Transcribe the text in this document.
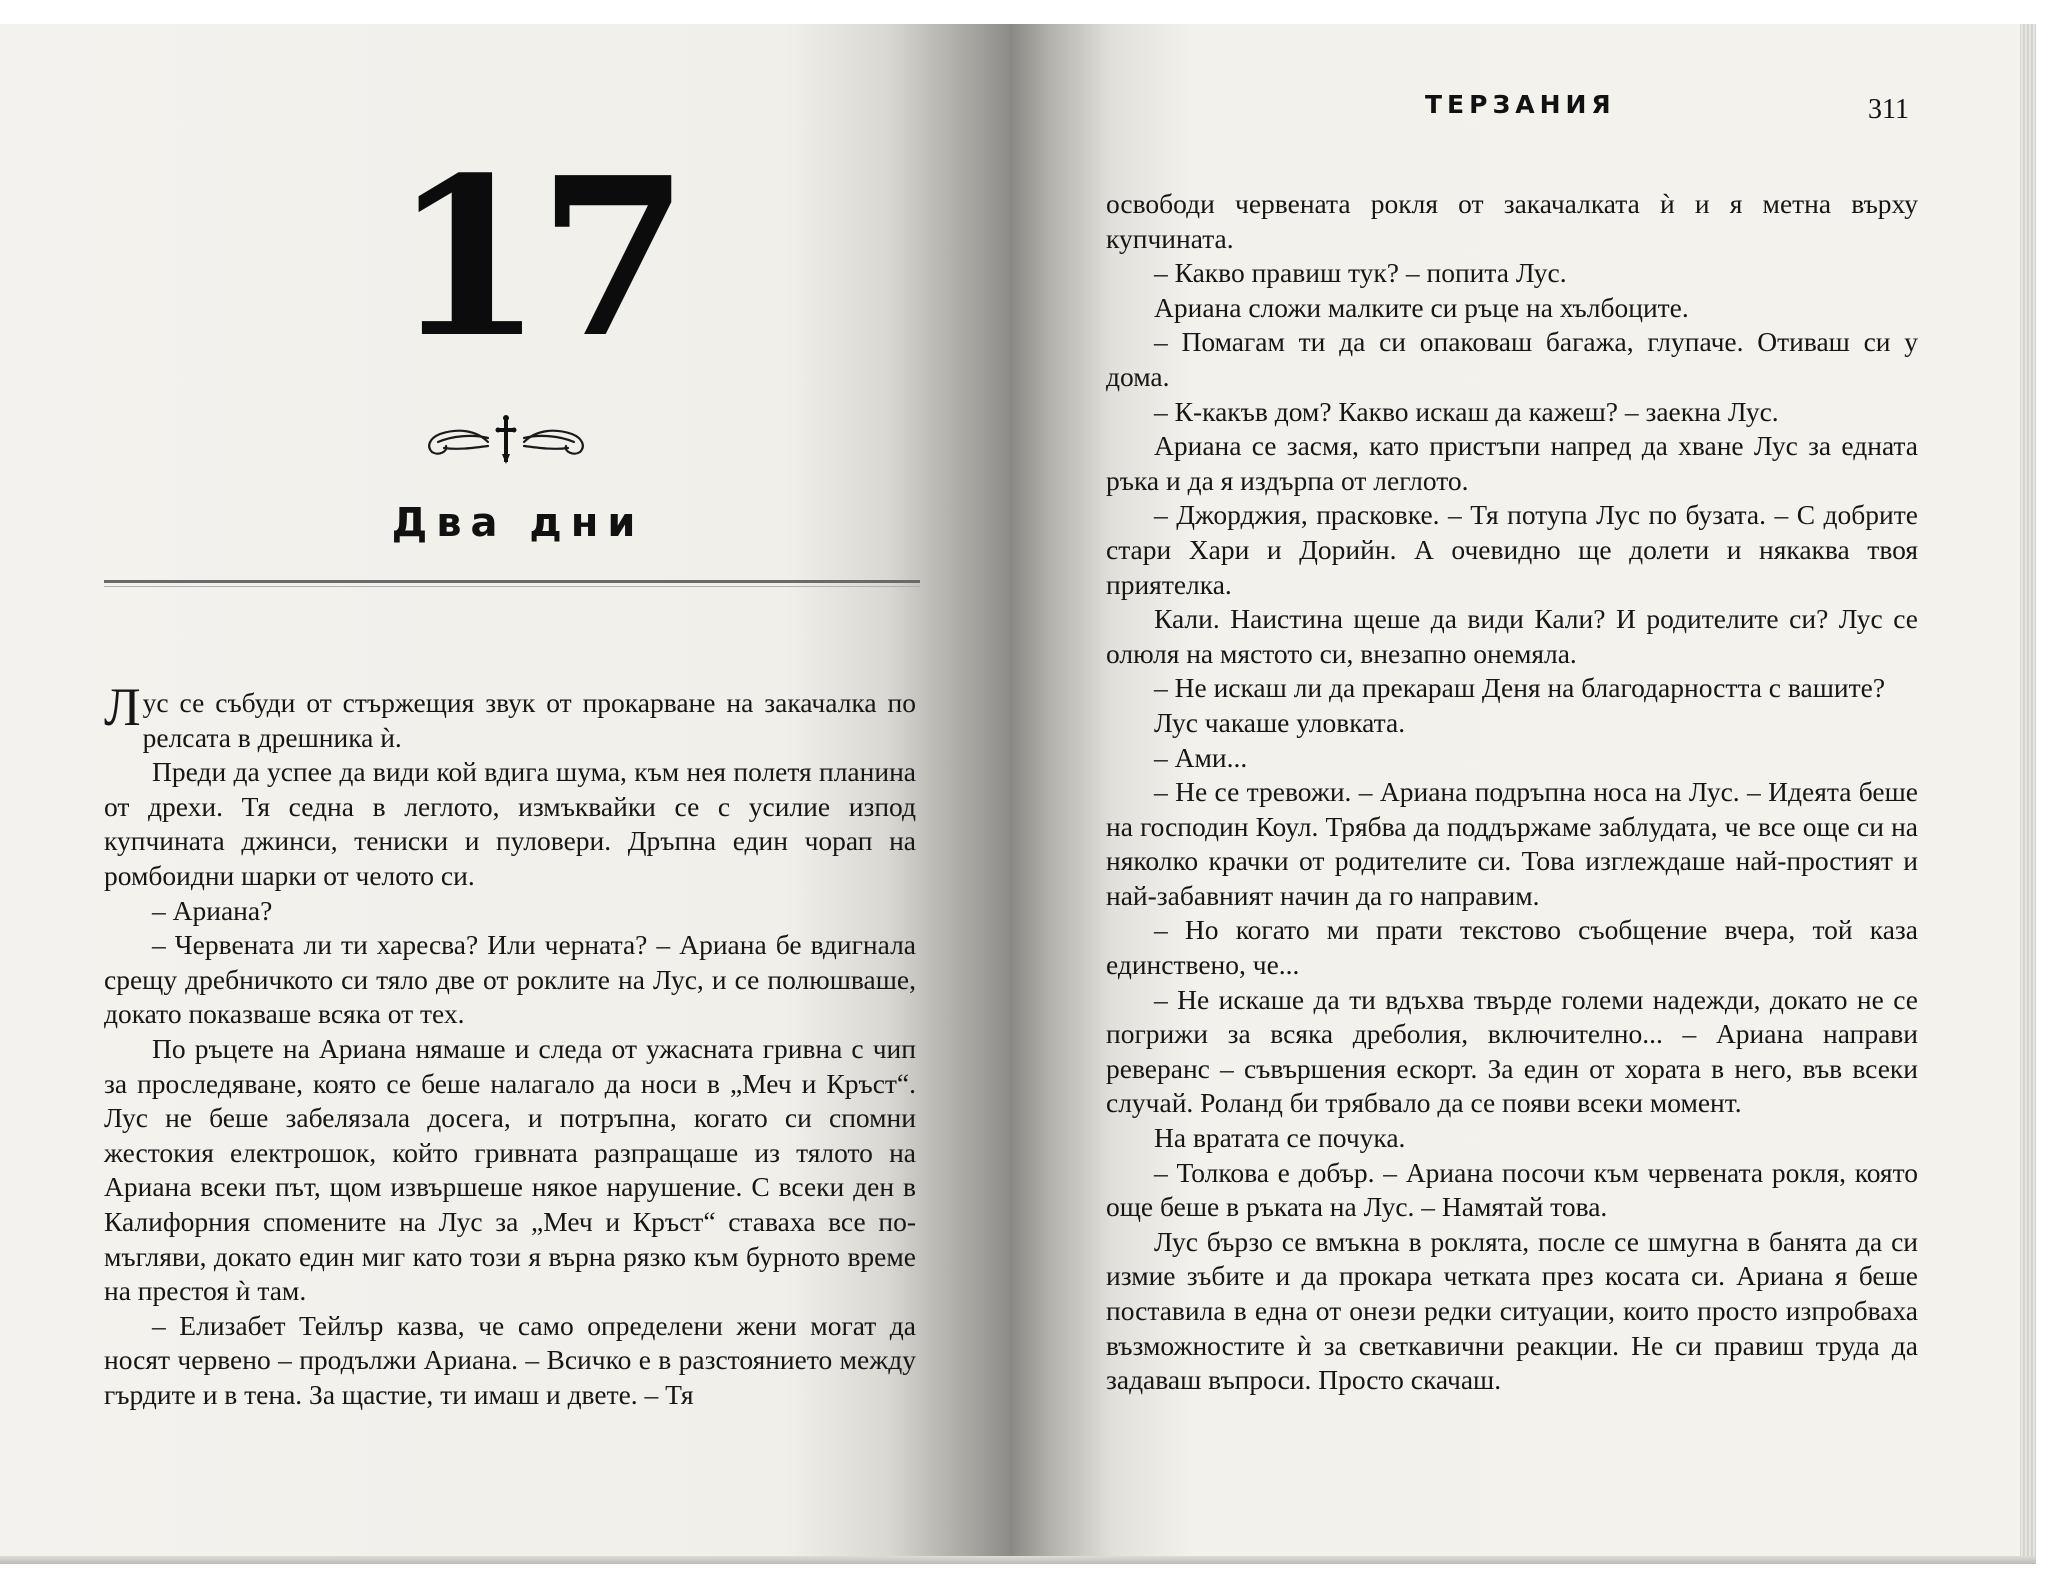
17
Два дни

Лус се събуди от стържещия звук от прокарване на закачалка по релсата в дрешника ѝ.

Преди да успее да види кой вдига шума, към нея полетя планина от дрехи. Тя седна в леглото, измъквайки се с усилие изпод купчината джинси, тениски и пуловери. Дръпна един чорап на ромбоидни шарки от челото си.

– Ариана?

– Червената ли ти харесва? Или черната? – Ариана бе вдигнала срещу дребничкото си тяло две от роклите на Лус, и се полюшваше, докато показваше всяка от тех.

По ръцете на Ариана нямаше и следа от ужасната гривна с чип за проследяване, която се беше налагало да носи в „Меч и Кръст“. Лус не беше забелязала досега, и потръпна, когато си спомни жестокия електрошок, който гривната разпращаше из тялото на Ариана всеки път, щом извършеше някое нарушение. С всеки ден в Калифорния спомените на Лус за „Меч и Кръст“ ставаха все по-мъгляви, докато един миг като този я върна рязко към бурното време на престоя ѝ там.

– Елизабет Тейлър казва, че само определени жени могат да носят червено – продължи Ариана. – Всичко е в разстоянието между гърдите и в тена. За щастие, ти имаш и двете. – Тя

ТЕРЗАНИЯ	311

освободи червената рокля от закачалката ѝ и я метна върху купчината.

– Какво правиш тук? – попита Лус.

Ариана сложи малките си ръце на хълбоците.

– Помагам ти да си опаковаш багажа, глупаче. Отиваш си у дома.

– К-какъв дом? Какво искаш да кажеш? – заекна Лус.

Ариана се засмя, като пристъпи напред да хване Лус за едната ръка и да я издърпа от леглото.

– Джорджия, прасковке. – Тя потупа Лус по бузата. – С добрите стари Хари и Дорийн. А очевидно ще долети и някаква твоя приятелка.

Кали. Наистина щеше да види Кали? И родителите си? Лус се олюля на мястото си, внезапно онемяла.

– Не искаш ли да прекараш Деня на благодарността с вашите?

Лус чакаше уловката.

– Ами...

– Не се тревожи. – Ариана подръпна носа на Лус. – Идеята беше на господин Коул. Трябва да поддържаме заблудата, че все още си на няколко крачки от родителите си. Това изглеждаше най-простият и най-забавният начин да го направим.

– Но когато ми прати текстово съобщение вчера, той каза единствено, че...

– Не искаше да ти вдъхва твърде големи надежди, докато не се погрижи за всяка дреболия, включително... – Ариана направи реверанс – съвършения ескорт. За един от хората в него, във всеки случай. Роланд би трябвало да се появи всеки момент.

На вратата се почука.

– Толкова е добър. – Ариана посочи към червената рокля, която още беше в ръката на Лус. – Намятай това.

Лус бързо се вмъкна в роклята, после се шмугна в банята да си измие зъбите и да прокара четката през косата си. Ариана я беше поставила в една от онези редки ситуации, които просто изпробваха възможностите ѝ за светкавични реакции. Не си правиш труда да задаваш въпроси. Просто скачаш.
